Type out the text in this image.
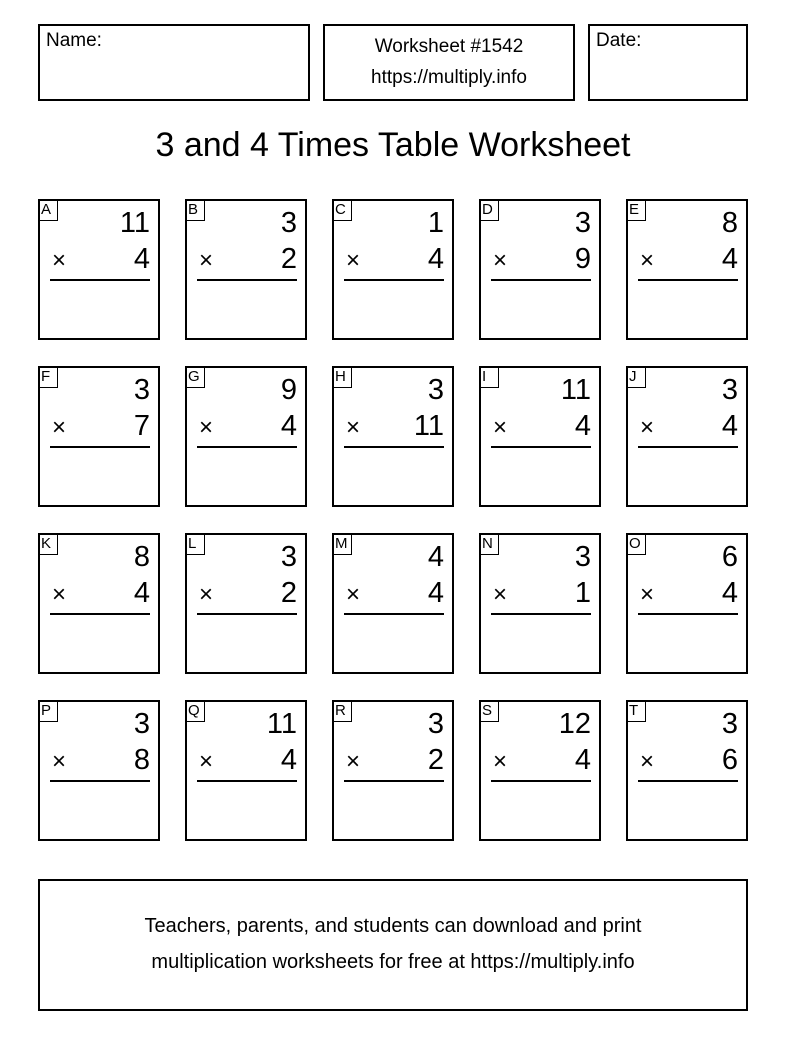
Name:	Worksheet #1542
https://multiply.info
Date:
3 and 4 Times Table Worksheet
A 11
× 4
B	3
× 2
C	1
× 4
D	3
× 9
E	8
× 4
F	3
× 7
G	9
× 4
H	3
× 11
I	11
× 4
J	3
× 4
K	8
× 4
L	3
× 2
M	4
× 4
N	3
× 1
O	6
× 4
P	3
× 8
Q 11
× 4
R	3
× 2
S 12
× 4
T	3
× 6
Teachers, parents, and students can download and print
multiplication worksheets for free at https://multiply.info
